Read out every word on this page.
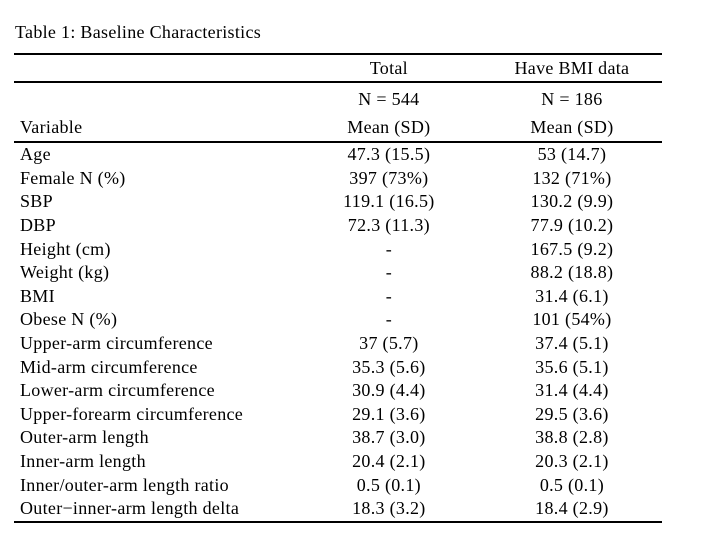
Table 1: Baseline Characteristics
	Total	Have BMI data
	N = 544	N = 186
Variable	Mean (SD)	Mean (SD)
Age	47.3 (15.5)	53 (14.7)
Female N (%)	397 (73%)	132 (71%)
SBP	119.1 (16.5)	130.2 (9.9)
DBP	72.3 (11.3)	77.9 (10.2)
Height (cm)	-	167.5 (9.2)
Weight (kg)	-	88.2 (18.8)
BMI	-	31.4 (6.1)
Obese N (%)	-	101 (54%)
Upper-arm circumference	37 (5.7)	37.4 (5.1)
Mid-arm circumference	35.3 (5.6)	35.6 (5.1)
Lower-arm circumference	30.9 (4.4)	31.4 (4.4)
Upper-forearm circumference	29.1 (3.6)	29.5 (3.6)
Outer-arm length	38.7 (3.0)	38.8 (2.8)
Inner-arm length	20.4 (2.1)	20.3 (2.1)
Inner/outer-arm length ratio	0.5 (0.1)	0.5 (0.1)
Outer−inner-arm length delta	18.3 (3.2)	18.4 (2.9)
